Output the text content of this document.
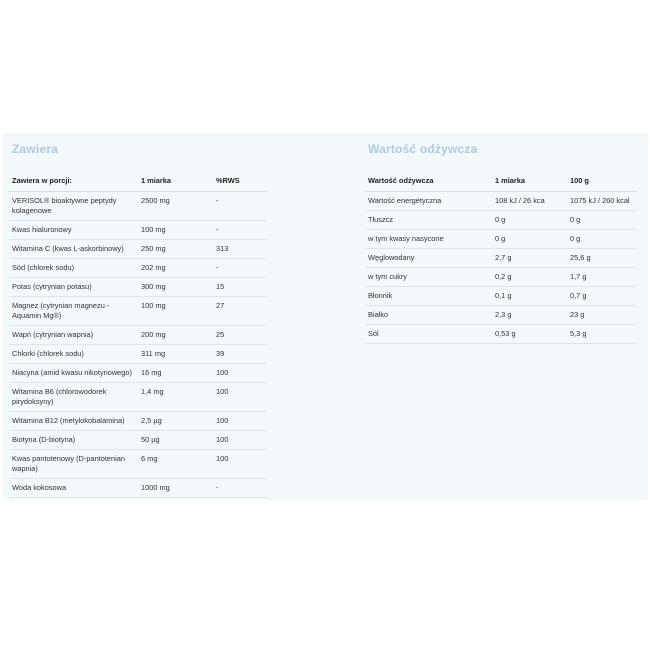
Zawiera
Zawiera w porcji:	1 miarka	%RWS
VERISOL® bioaktywne peptydy kolagenowe	2500 mg	-
Kwas hialuronowy	100 mg	-
Witamina C (kwas L-askorbinowy)	250 mg	313
Sód (chlorek sodu)	202 mg	-
Potas (cytrynian potasu)	300 mg	15
Magnez (cytrynian magnezu - Aquamin Mg®)	100 mg	27
Wapń (cytrynian wapnia)	200 mg	25
Chlorki (chlorek sodu)	311 mg	39
Niacyna (amid kwasu nikotynowego)	16 mg	100
Witamina B6 (chlorowodorek pirydoksyny)	1,4 mg	100
Witamina B12 (metylokobalamina)	2,5 µg	100
Biotyna (D-biotyna)	50 µg	100
Kwas pantotenowy (D-pantotenian wapnia)	6 mg	100
Woda kokosowa	1000 mg	-
Wartość odżywcza
Wartość odżywcza	1 miarka	100 g
Wartość energetyczna	108 kJ / 26 kca	1075 kJ / 260 kcal
Tłuszcz	0 g	0 g
w tym kwasy nasycone	0 g	0 g
Węglowodany	2,7 g	25,6 g
w tym cukry	0,2 g	1,7 g
Błonnik	0,1 g	0,7 g
Białko	2,3 g	23 g
Sól	0,53 g	5,3 g
